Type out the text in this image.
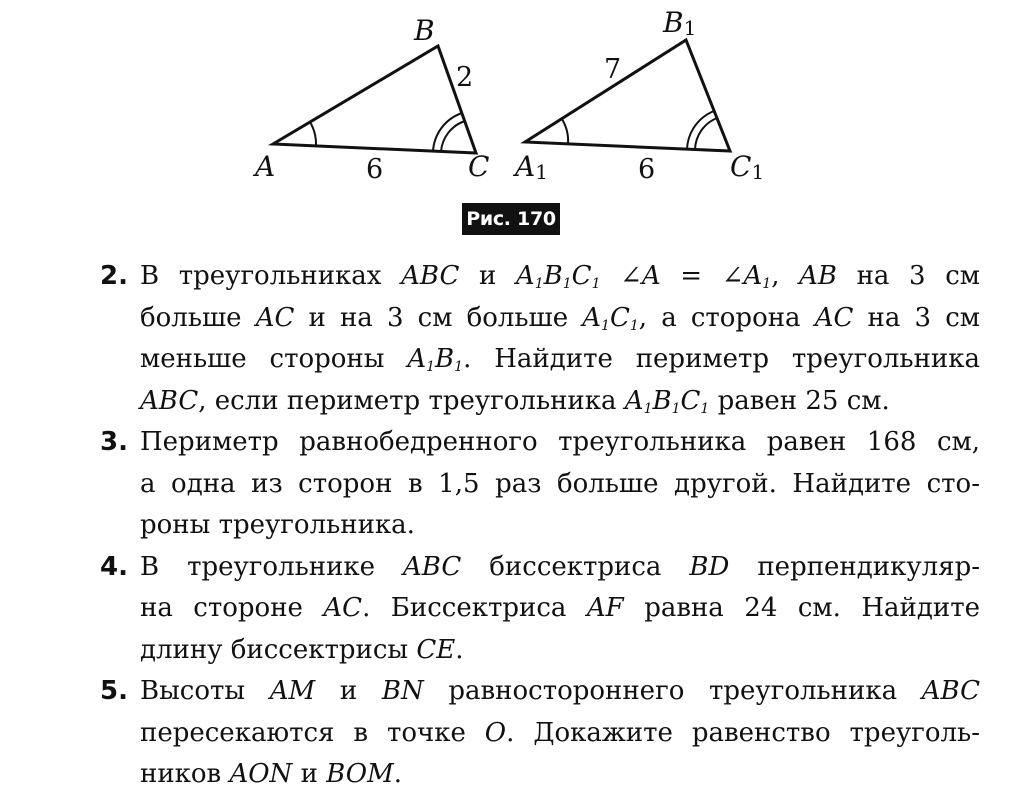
A
B
C
2
6	A1
B1
C1
7
6
Рис. 170
2. В треугольниках ABC и $A_1B_1C_1$ ∠A = $\angle A_1$, AB на 3 см
больше AC и на 3 см больше $A_1C_1$, а сторона AC на 3 см
меньше стороны $A_1B_1$. Найдите периметр треугольника
ABC, если периметр треугольника $A_1B_1C_1$ равен 25 см.
3. Периметр равнобедренного треугольника равен 168 см,
а одна из сторон в 1,5 раз больше другой. Найдите сто-
роны треугольника.
4. В треугольнике ABC биссектриса BD перпендикуляр-
на стороне AC. Биссектриса AF равна 24 см. Найдите
длину биссектрисы CE.
5. Высоты AM и BN равностороннего треугольника ABC
пересекаются в точке O. Докажите равенство треуголь-
ников AON и BOM.
